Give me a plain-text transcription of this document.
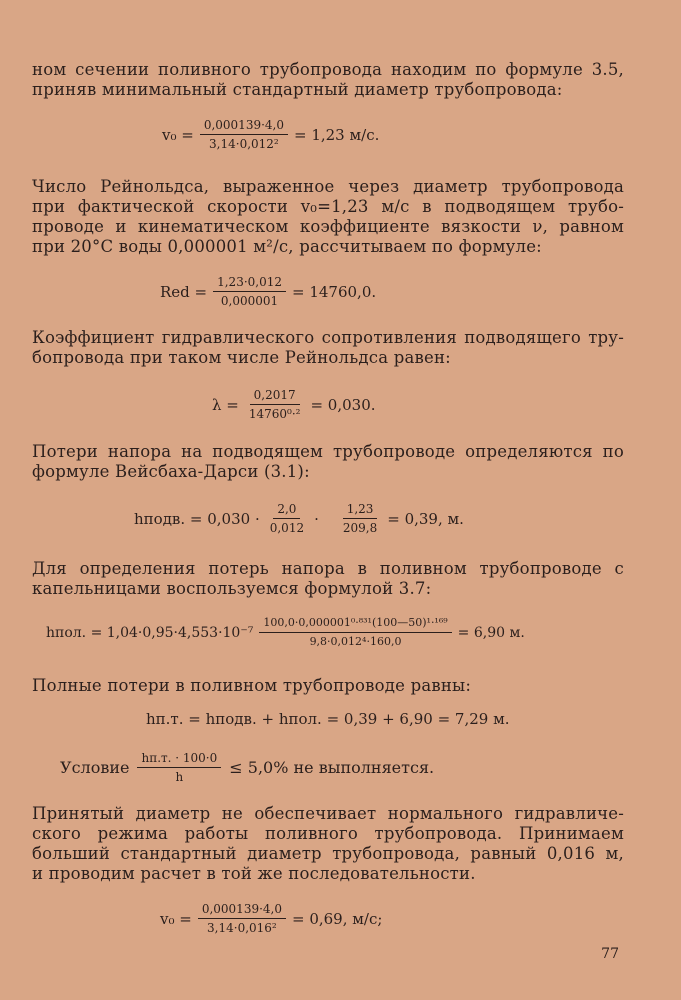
ном сечении поливного трубопровода находим по формуле 3.5,
приняв минимальный стандартный диаметр трубопровода:
$v_0 = \frac{0,000139\cdot 4,0}{\text{3,14·0,012²}} = 1,23$ м/с.
Число Рейнольдса, выраженное через диаметр трубопровода
при фактической скорости v₀=1,23 м/с в подводящем трубо-
проводе и кинематическом коэффициенте вязкости ν, равном
при 20°С воды 0,000001 м²/с, рассчитываем по формуле:
Rеd = $\frac{1,23\cdot 0,012}{0,000001} = 14760,0$.
Коэффициент гидравлического сопротивления подводящего тру-
бопровода при таком числе Рейнольдса равен:
$\lambda = \frac{0,2017}{\text{14760⁰·²}} = 0,030$.
Потери напора на подводящем трубопроводе определяются по
формуле Вейсбаха-Дарси (3.1):
hподв. = $0,030 \cdot \frac{2,0}{0,012} \cdot \frac{1,23}{209,8} = 0,39$, м.
Для определения потерь напора в поливном трубопроводе с
капельницами воспользуемся формулой 3.7:
hпол. = $1,04\cdot 0,95\cdot 4,553\cdot 10^{-7} \frac{\text{100,0·0,000001⁰·⁸³¹(100—50)¹·¹⁶⁹}}{\text{9,8·0,012⁴·160,0}} = 6,90$ м.
Полные потери в поливном трубопроводе равны:
hп.т. = hподв. + hпол. = 0,39 + 6,90 = 7,29 м.
Условие $\frac{hп.т. \cdot 100\cdot 0}{h} \le 5,0\%$ не выполняется.
Принятый диаметр не обеспечивает нормального гидравличе-
ского режима работы поливного трубопровода. Принимаем
больший стандартный диаметр трубопровода, равный 0,016 м,
и проводим расчет в той же последовательности.
$v_0 = \frac{0,000139\cdot 4,0}{\text{3,14·0,016²}} = 0,69$, м/с;
77
